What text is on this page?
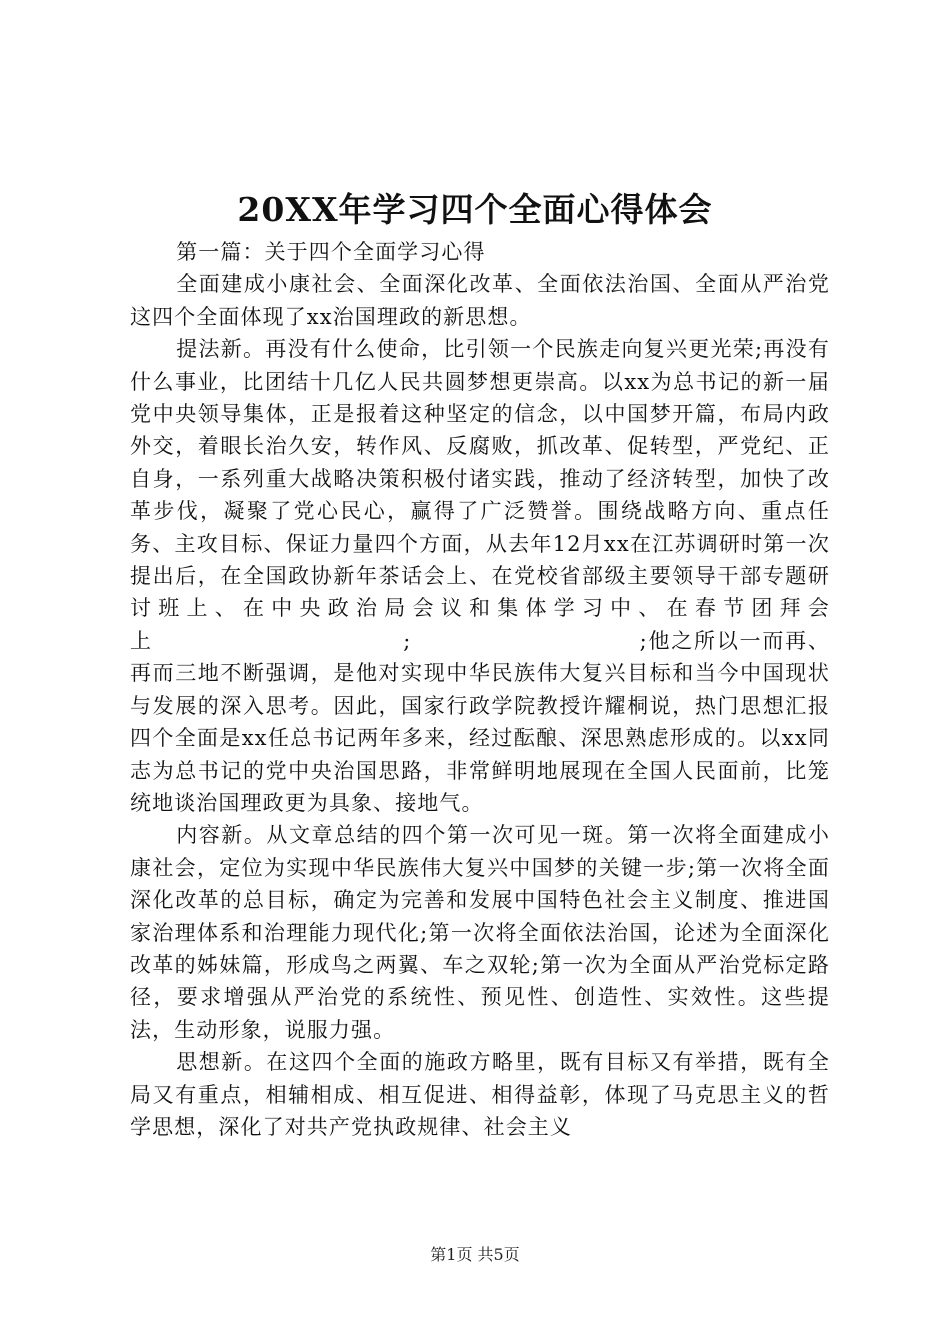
20XX年学习四个全面心得体会

第一篇：关于四个全面学习心得

全面建成小康社会、全面深化改革、全面依法治国、全面从严治党这四个全面体现了xx治国理政的新思想。

提法新。再没有什么使命，比引领一个民族走向复兴更光荣;再没有什么事业，比团结十几亿人民共圆梦想更崇高。以xx为总书记的新一届党中央领导集体，正是报着这种坚定的信念，以中国梦开篇，布局内政外交，着眼长治久安，转作风、反腐败，抓改革、促转型，严党纪、正自身，一系列重大战略决策积极付诸实践，推动了经济转型，加快了改革步伐，凝聚了党心民心，赢得了广泛赞誉。围绕战略方向、重点任务、主攻目标、保证力量四个方面，从去年12月xx在江苏调研时第一次提出后，在全国政协新年茶话会上、在党校省部级主要领导干部专题研讨班上、在中央政治局会议和集体学习中、在春节团拜会上　　　　　　　　　　　;　　　　　　　　　　;他之所以一而再、再而三地不断强调，是他对实现中华民族伟大复兴目标和当今中国现状与发展的深入思考。因此，国家行政学院教授许耀桐说，热门思想汇报四个全面是xx任总书记两年多来，经过酝酿、深思熟虑形成的。以xx同志为总书记的党中央治国思路，非常鲜明地展现在全国人民面前，比笼统地谈治国理政更为具象、接地气。

内容新。从文章总结的四个第一次可见一斑。第一次将全面建成小康社会，定位为实现中华民族伟大复兴中国梦的关键一步;第一次将全面深化改革的总目标，确定为完善和发展中国特色社会主义制度、推进国家治理体系和治理能力现代化;第一次将全面依法治国，论述为全面深化改革的姊妹篇，形成鸟之两翼、车之双轮;第一次为全面从严治党标定路径，要求增强从严治党的系统性、预见性、创造性、实效性。这些提法，生动形象，说服力强。

思想新。在这四个全面的施政方略里，既有目标又有举措，既有全局又有重点，相辅相成、相互促进、相得益彰，体现了马克思主义的哲学思想，深化了对共产党执政规律、社会主义

第1页 共5页
